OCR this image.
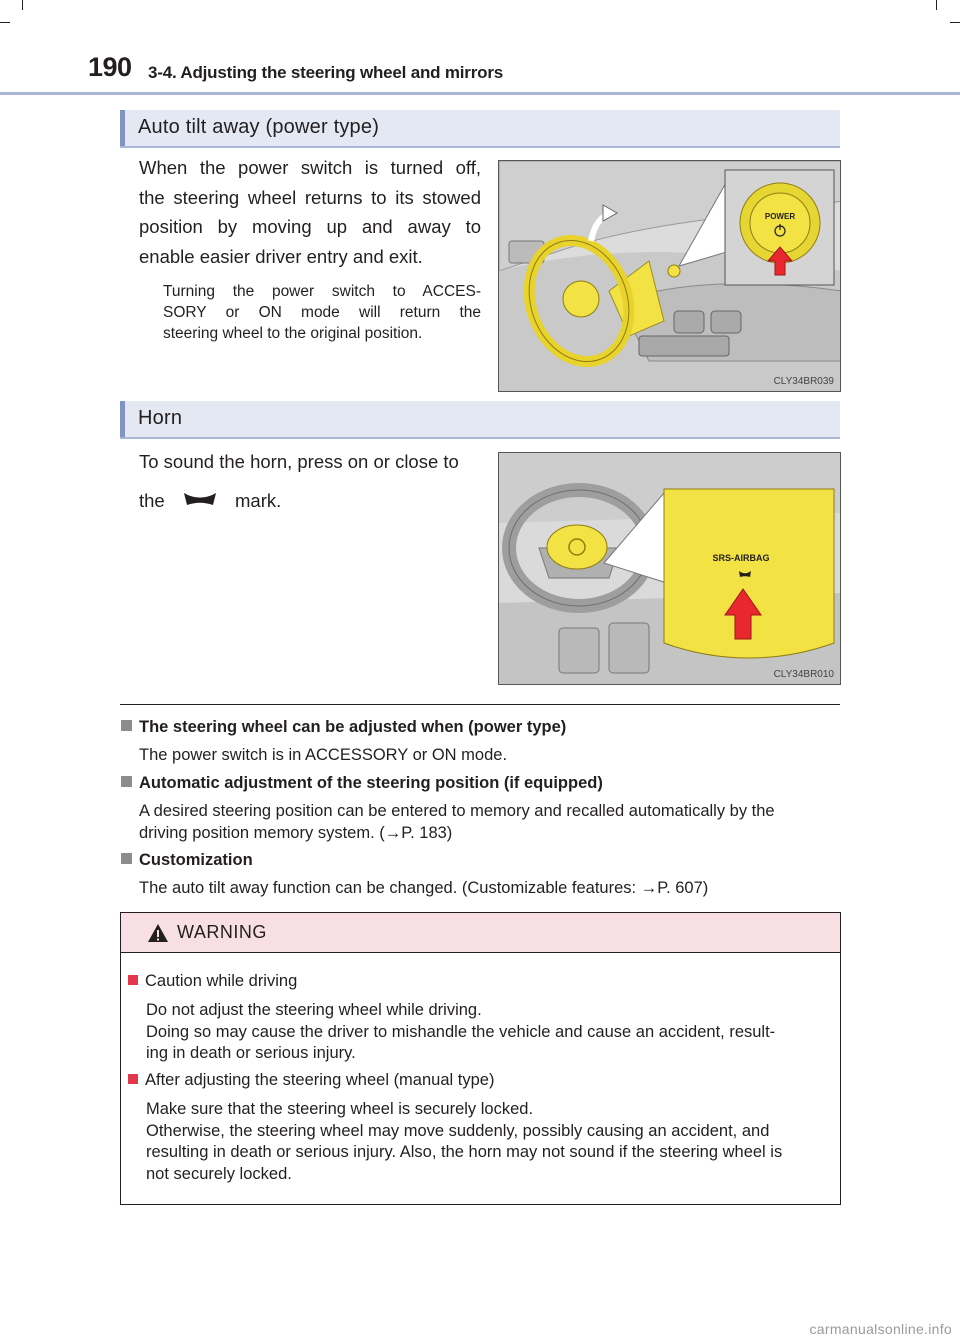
190 3-4. Adjusting the steering wheel and mirrors
Auto tilt away (power type)
When the power switch is turned off,
the steering wheel returns to its stowed
position by moving up and away to
enable easier driver entry and exit.
Turning the power switch to ACCES-
SORY or ON mode will return the
steering wheel to the original position.
POWER
CLY34BR039
Horn
To sound the horn, press on or close to
the	mark.
SRS-AIRBAG
CLY34BR010
The steering wheel can be adjusted when (power type)
The power switch is in ACCESSORY or ON mode.
Automatic adjustment of the steering position (if equipped)
A desired steering position can be entered to memory and recalled automatically by the
driving position memory system. (→P. 183)
Customization
The auto tilt away function can be changed. (Customizable features: →P. 607)
WARNING
Caution while driving
Do not adjust the steering wheel while driving.
Doing so may cause the driver to mishandle the vehicle and cause an accident, result-
ing in death or serious injury.
After adjusting the steering wheel (manual type)
Make sure that the steering wheel is securely locked.
Otherwise, the steering wheel may move suddenly, possibly causing an accident, and
resulting in death or serious injury. Also, the horn may not sound if the steering wheel is
not securely locked.
carmanualsonline.info
